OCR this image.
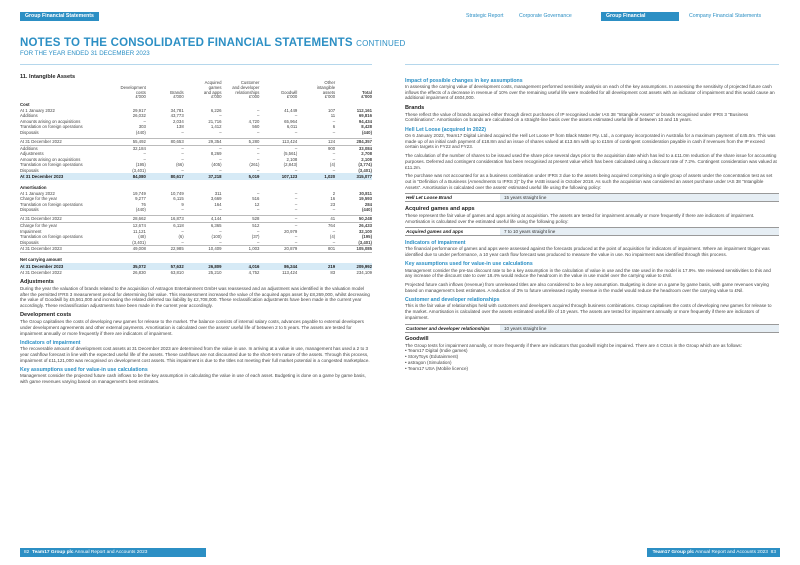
Group Financial Statements	Strategic Report	Corporate Governance	Group Financial Statements
Company Financial Statements
NOTES TO THE CONSOLIDATED FINANCIAL STATEMENTS CONTINUED
FOR THE YEAR ENDED 31 DECEMBER 2023
11. Intangible Assets
	Development
costs
£'000	Brands
£'000	Acquired
games
and apps
£'000	Customer
and developer
relationships
£'000	Goodwill
£'000	Other
intangible
assets
£'000	Total
£'000
Cost							
At 1 January 2022	29,917	34,781	6,226	–	41,449	107	112,161
Additions	26,032	43,773	–	–	–	11	69,816
Amounts arising on acquisitions	–	2,034	21,716	4,720	65,964	–	94,434
Translation on foreign operations	303	138	1,412	560	6,011	6	8,428
Disposals	(440)	–	–	–	–	–	(440)

At 31 December 2022	55,492	80,653	29,354	5,280	113,424	124	284,357
Additions	32,184	–	–	–	–	900	33,084
Adjustments	–	–	8,269	–	(5,561)	–	2,708
Amounts arising on acquisitions	–	–	–	–	2,108	–	2,108
Translation on foreign operations	(195)	(66)	(405)	(261)	(2,843)	(4)	(3,774)
Disposals	(3,401)	–	–	–	–	–	(3,401)
At 31 December 2023	84,080	80,617	37,218	5,019	107,123	1,020	315,077

Amortisation							
At 1 January 2022	19,749	10,749	311	–	–	2	30,811
Charge for the year	9,277	6,115	3,669	516	–	16	19,593
Translation on foreign operations	76	9	164	12	–	23	284
Disposals	(440)	–	–	–	–	–	(440)

At 31 December 2022	28,662	16,873	4,144	528	–	41	50,248
Charge for the year	12,674	6,118	6,365	512	–	764	26,433
Impairment	11,121	–	–	–	20,979	–	32,100
Translation on foreign operations	(48)	(6)	(100)	(37)	–	(4)	(195)
Disposals	(3,401)	–	–	–	–	–	(3,401)
At 31 December 2023	49,008	22,985	10,409	1,003	20,879	801	105,085

Net carrying amount							
At 31 December 2023	35,072	57,632	26,809	4,016	86,244	219	209,992
At 31 December 2022	26,830	63,810	25,210	4,752	113,424	83	234,109
Adjustments
During the year the valuation of brands related to the acquisition of Astragon Entertainment GmbH was reassessed and an adjustment was identified in the valuation model after the permitted IFRS 3 measurement period for determining fair value. This reassessment increased the value of the acquired apps asset by £8,269,000, whilst decreasing the value of Goodwill by £5,561,000 and increasing the related deferred tax liability by £2,708,000. These reclassification adjustments have been made in the current year accordingly. These reclassification adjustments have been made in the current year accordingly.
Development costs
The Group capitalises the costs of developing new games for release to the market. The balance consists of internal salary costs, advances payable to external developers under development agreements and other external payments. Amortisation is calculated over the assets' useful life of between 2 to 5 years. The assets are tested for impairment annually or more frequently if there are indicators of impairment.
Indicators of impairment
The recoverable amount of development cost assets at 31 December 2023 are determined from the value in use. In arriving at a value in use, management has used a 2 to 3 year cashflow forecast in line with the expected useful life of the assets. These cashflows are not discounted due to the short-term nature of the assets. Through this process, impairment of £11,121,000 was recognised on development cost assets. This impairment is due to the titles not meeting their full market potential in a congested marketplace.
Key assumptions used for value-in use calculations
Management consider the projected future cash inflows to be the key assumption in calculating the value in use of each asset. Budgeting is done on a game by game basis, with game revenues varying based on management's best estimates.
Impact of possible changes in key assumptions
In assessing the carrying value of development costs, management performed sensitivity analysis on each of the key assumptions. In assessing the sensitivity of projected future cash inflows the effects of a decrease in revenue of 10% over the remaining useful life were modelled for all development cost assets with an indicator of impairment and this would cause an additional impairment of £604,000.
Brands
These reflect the value of brands acquired either through direct purchases of IP recognised under IAS 38 "Intangible Assets" or brands recognised under IFRS 3 "Business Combinations". Amortisation on brands are calculated on a straight-line basis over the assets estimated useful life of between 10 and 15 years.
Hell Let Loose (acquired in 2022)
On 6 January 2022, Team17 Digital Limited acquired the Hell Let Loose IP from Black Matter Pty. Ltd., a company incorporated in Australia for a maximum payment of £45.0m. This was made up of an initial cash payment of £18.8m and an issue of shares valued at £13.6m with up to £15m of contingent consideration payable in cash if revenues from the IP exceed certain targets in FY22 and FY23.
The calculation of the number of shares to be issued used the share price several days prior to the acquisition date which has led to a £11.0m reduction of the share issue for accounting purposes. Deferred and contingent consideration has been recognised at present value which has been calculated using a discount rate of 7.2%. Contingent consideration was valued at £11.2m.
The purchase was not accounted for as a business combination under IFRS 3 due to the assets being acquired comprising a single group of assets under the concentration test as set out in "Definition of a Business (Amendments to IFRS 3)" by the IASB issued in October 2018. As such the acquisition was considered an asset purchase under IAS 38 "Intangible Assets". Amortisation is calculated over the assets' estimated useful life using the following policy:
Hell Let Loose Brand	15 years straight line
Acquired games and apps
These represent the fair value of games and apps arising at acquisition. The assets are tested for impairment annually or more frequently if there are indicators of impairment. Amortisation is calculated over the estimated useful life using the following policy:
Acquired games and apps	7 to 10 years straight line
Indicators of impairment
The financial performance of games and apps were assessed against the forecasts produced at the point of acquisition for indicators of impairment. Where an impairment trigger was identified due to under performance, a 10 year cash flow forecast was produced to measure the value in use. No impairment was identified through this process.
Key assumptions used for value-in use calculations
Management consider the pre-tax discount rate to be a key assumption in the calculation of value in use and the rate used in the model is 17.9%. We reviewed sensitivities to this and any increase of the discount rate to over 18.4% would reduce the headroom in the value in use model over the carrying value to £Nil.
Projected future cash inflows (revenue) from unreleased titles are also considered to be a key assumption. Budgeting is done on a game by game basis, with game revenues varying based on management's best estimates. A reduction of 3% to future unreleased royalty revenue in the model would reduce the headroom over the carrying value to £Nil.
Customer and developer relationships
This is the fair value of relationships held with customers and developers acquired through business combinations. Group capitalises the costs of developing new games for release to the market. Amortisation is calculated over the assets estimated useful life of 10 years. The assets are tested for impairment annually or more frequently if there are indicators of impairment.
Customer and developer relationships	10 years straight line
Goodwill
The Group tests for impairment annually, or more frequently if there are indicators that goodwill might be impaired. There are 4 CGUs in the Group which are as follows:
• Team17 Digital (Indie games)
• StoryToys (Edutainment)
• astragon (Simulation)
• Team17 USA (Mobile licence)
82 Team17 Group plc Annual Report and Accounts 2023	Team17 Group plc Annual Report and Accounts 2023 83
